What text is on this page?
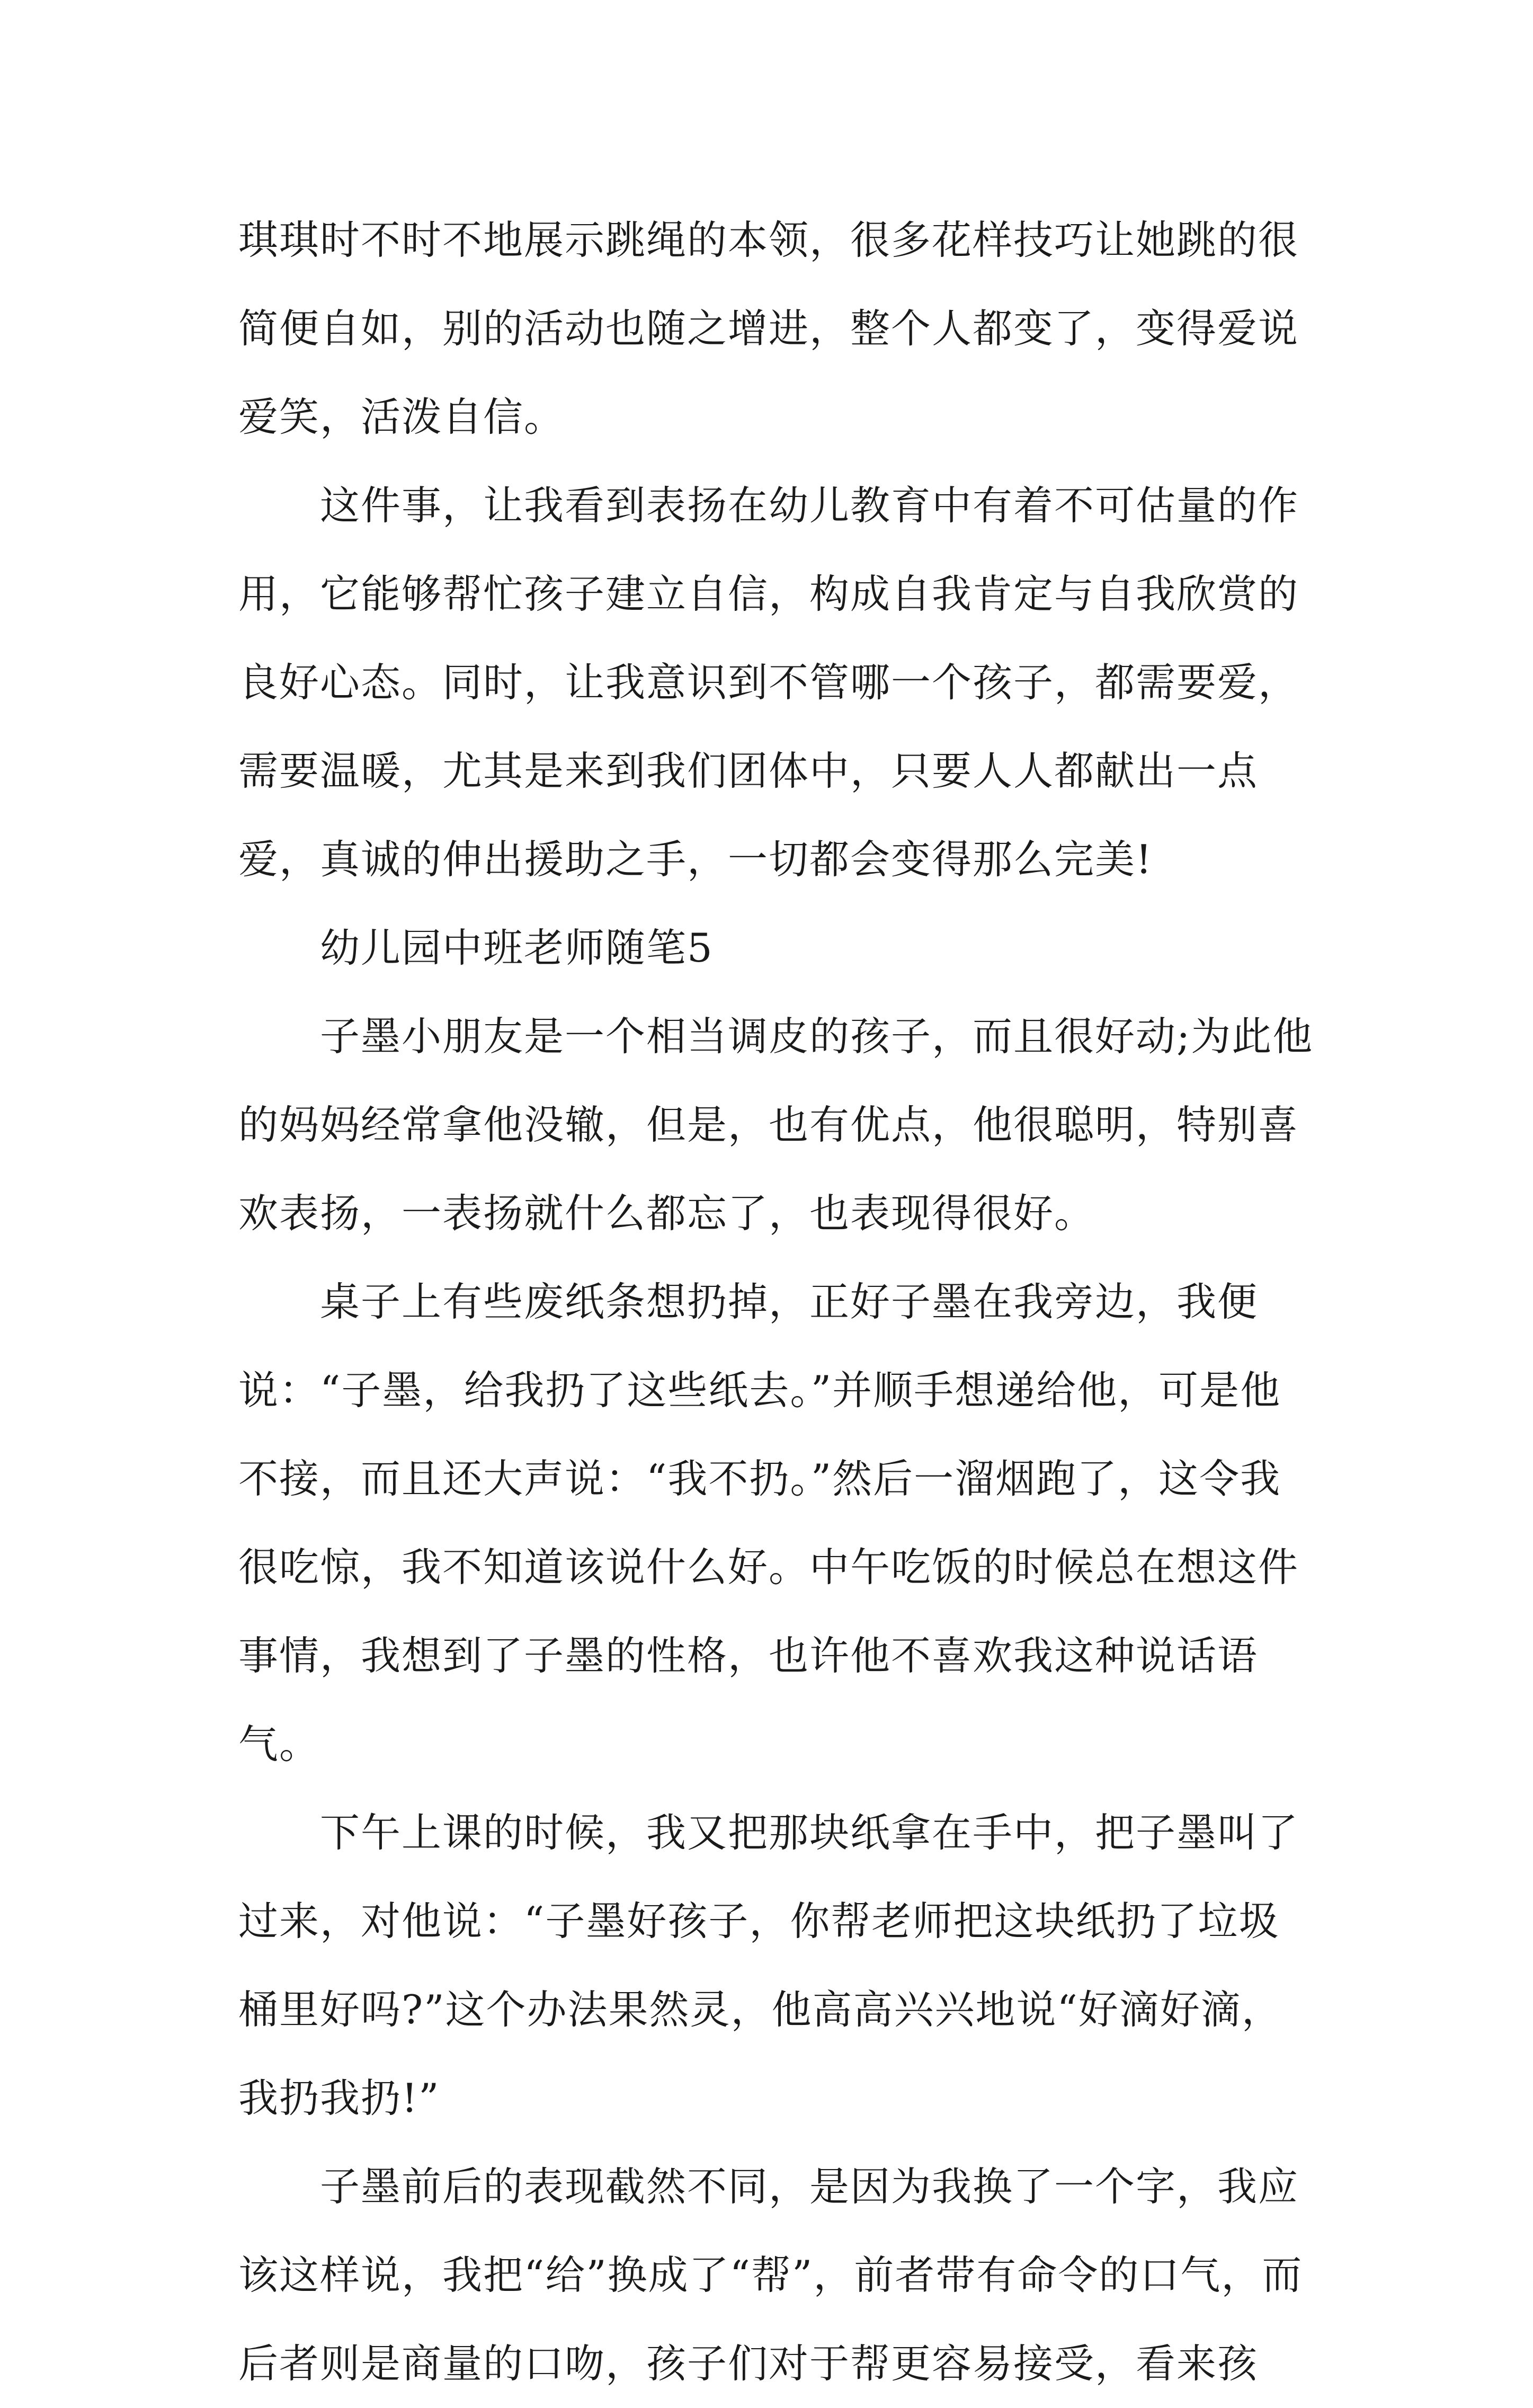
琪琪时不时不地展示跳绳的本领，很多花样技巧让她跳的很简便自如，别的活动也随之增进，整个人都变了，变得爱说爱笑，活泼自信。

这件事，让我看到表扬在幼儿教育中有着不可估量的作用，它能够帮忙孩子建立自信，构成自我肯定与自我欣赏的良好心态。同时，让我意识到不管哪一个孩子，都需要爱，需要温暖，尤其是来到我们团体中，只要人人都献出一点爱，真诚的伸出援助之手，一切都会变得那么完美!

幼儿园中班老师随笔5

子墨小朋友是一个相当调皮的孩子，而且很好动;为此他的妈妈经常拿他没辙，但是，也有优点，他很聪明，特别喜欢表扬，一表扬就什么都忘了，也表现得很好。

桌子上有些废纸条想扔掉，正好子墨在我旁边，我便说：“子墨，给我扔了这些纸去。”并顺手想递给他，可是他不接，而且还大声说：“我不扔。”然后一溜烟跑了，这令我很吃惊，我不知道该说什么好。中午吃饭的时候总在想这件事情，我想到了子墨的性格，也许他不喜欢我这种说话语气。

下午上课的时候，我又把那块纸拿在手中，把子墨叫了过来，对他说：“子墨好孩子，你帮老师把这块纸扔了垃圾桶里好吗?”这个办法果然灵，他高高兴兴地说“好滴好滴，我扔我扔!”

子墨前后的表现截然不同，是因为我换了一个字，我应该这样说，我把“给”换成了“帮”，前者带有命令的口气，而后者则是商量的口吻，孩子们对于帮更容易接受，看来孩
